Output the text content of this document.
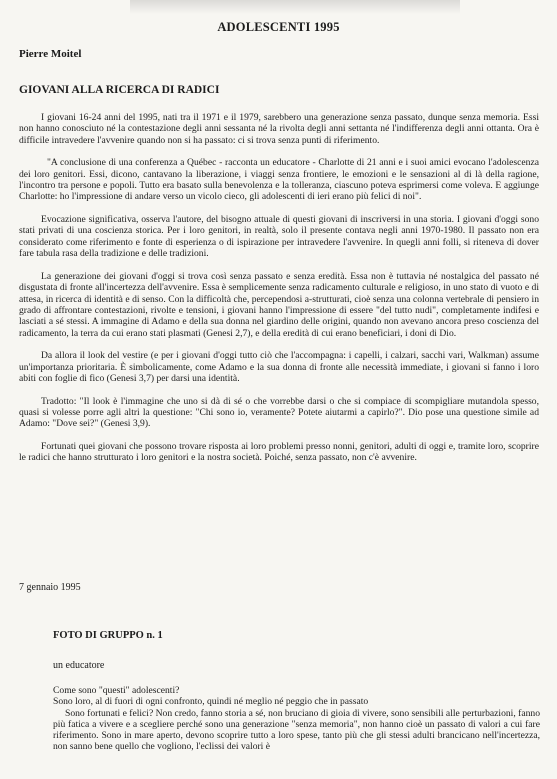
ADOLESCENTI 1995
Pierre Moitel
GIOVANI ALLA RICERCA DI RADICI

I giovani 16-24 anni del 1995, nati tra il 1971 e il 1979, sarebbero una generazione senza passato, dunque senza memoria. Essi non hanno conosciuto né la contestazione degli anni sessanta né la rivolta degli anni settanta né l'indifferenza degli anni ottanta. Ora è difficile intravedere l'avvenire quando non si ha passato: ci si trova senza punti di riferimento.

"A conclusione di una conferenza a Québec - racconta un educatore - Charlotte di 21 anni e i suoi amici evocano l'adolescenza dei loro genitori. Essi, dicono, cantavano la liberazione, i viaggi senza frontiere, le emozioni e le sensazioni al di là della ragione, l'incontro tra persone e popoli. Tutto era basato sulla benevolenza e la tolleranza, ciascuno poteva esprimersi come voleva. E aggiunge Charlotte: ho l'impressione di andare verso un vicolo cieco, gli adolescenti di ieri erano più felici di noi".

Evocazione significativa, osserva l'autore, del bisogno attuale di questi giovani di inscriversi in una storia. I giovani d'oggi sono stati privati di una coscienza storica. Per i loro genitori, in realtà, solo il presente contava negli anni 1970-1980. Il passato non era considerato come riferimento e fonte di esperienza o di ispirazione per intravedere l'avvenire. In quegli anni folli, si riteneva di dover fare tabula rasa della tradizione e delle tradizioni.

La generazione dei giovani d'oggi si trova così senza passato e senza eredità. Essa non è tuttavia né nostalgica del passato né disgustata di fronte all'incertezza dell'avvenire. Essa è semplicemente senza radicamento culturale e religioso, in uno stato di vuoto e di attesa, in ricerca di identità e di senso. Con la difficoltà che, percependosi a-strutturati, cioè senza una colonna vertebrale di pensiero in grado di affrontare contestazioni, rivolte e tensioni, i giovani hanno l'impressione di essere "del tutto nudi", completamente indifesi e lasciati a sé stessi. A immagine di Adamo e della sua donna nel giardino delle origini, quando non avevano ancora preso coscienza del radicamento, la terra da cui erano stati plasmati (Genesi 2,7), e della eredità di cui erano beneficiari, i doni di Dio.

Da allora il look del vestire (e per i giovani d'oggi tutto ciò che l'accompagna: i capelli, i calzari, sacchi vari, Walkman) assume un'importanza prioritaria. È simbolicamente, come Adamo e la sua donna di fronte alle necessità immediate, i giovani si fanno i loro abiti con foglie di fico (Genesi 3,7) per darsi una identità.

Tradotto: "Il look è l'immagine che uno si dà di sé o che vorrebbe darsi o che si compiace di scompigliare mutandola spesso, quasi si volesse porre agli altri la questione: "Chi sono io, veramente? Potete aiutarmi a capirlo?". Dio pose una questione simile ad Adamo: "Dove sei?" (Genesi 3,9).

Fortunati quei giovani che possono trovare risposta ai loro problemi presso nonni, genitori, adulti di oggi e, tramite loro, scoprire le radici che hanno strutturato i loro genitori e la nostra società. Poiché, senza passato, non c'è avvenire.

7 gennaio 1995
FOTO DI GRUPPO n. 1
un educatore
Come sono "questi" adolescenti?
Sono loro, al di fuori di ogni confronto, quindi né meglio né peggio che in passato
Sono fortunati e felici? Non credo, fanno storia a sé, non bruciano di gioia di vivere, sono sensibili alle perturbazioni, fanno più fatica a vivere e a scegliere perché sono una generazione "senza memoria", non hanno cioè un passato di valori a cui fare riferimento. Sono in mare aperto, devono scoprire tutto a loro spese, tanto più che gli stessi adulti brancicano nell'incertezza, non sanno bene quello che vogliono, l'eclissi dei valori è
